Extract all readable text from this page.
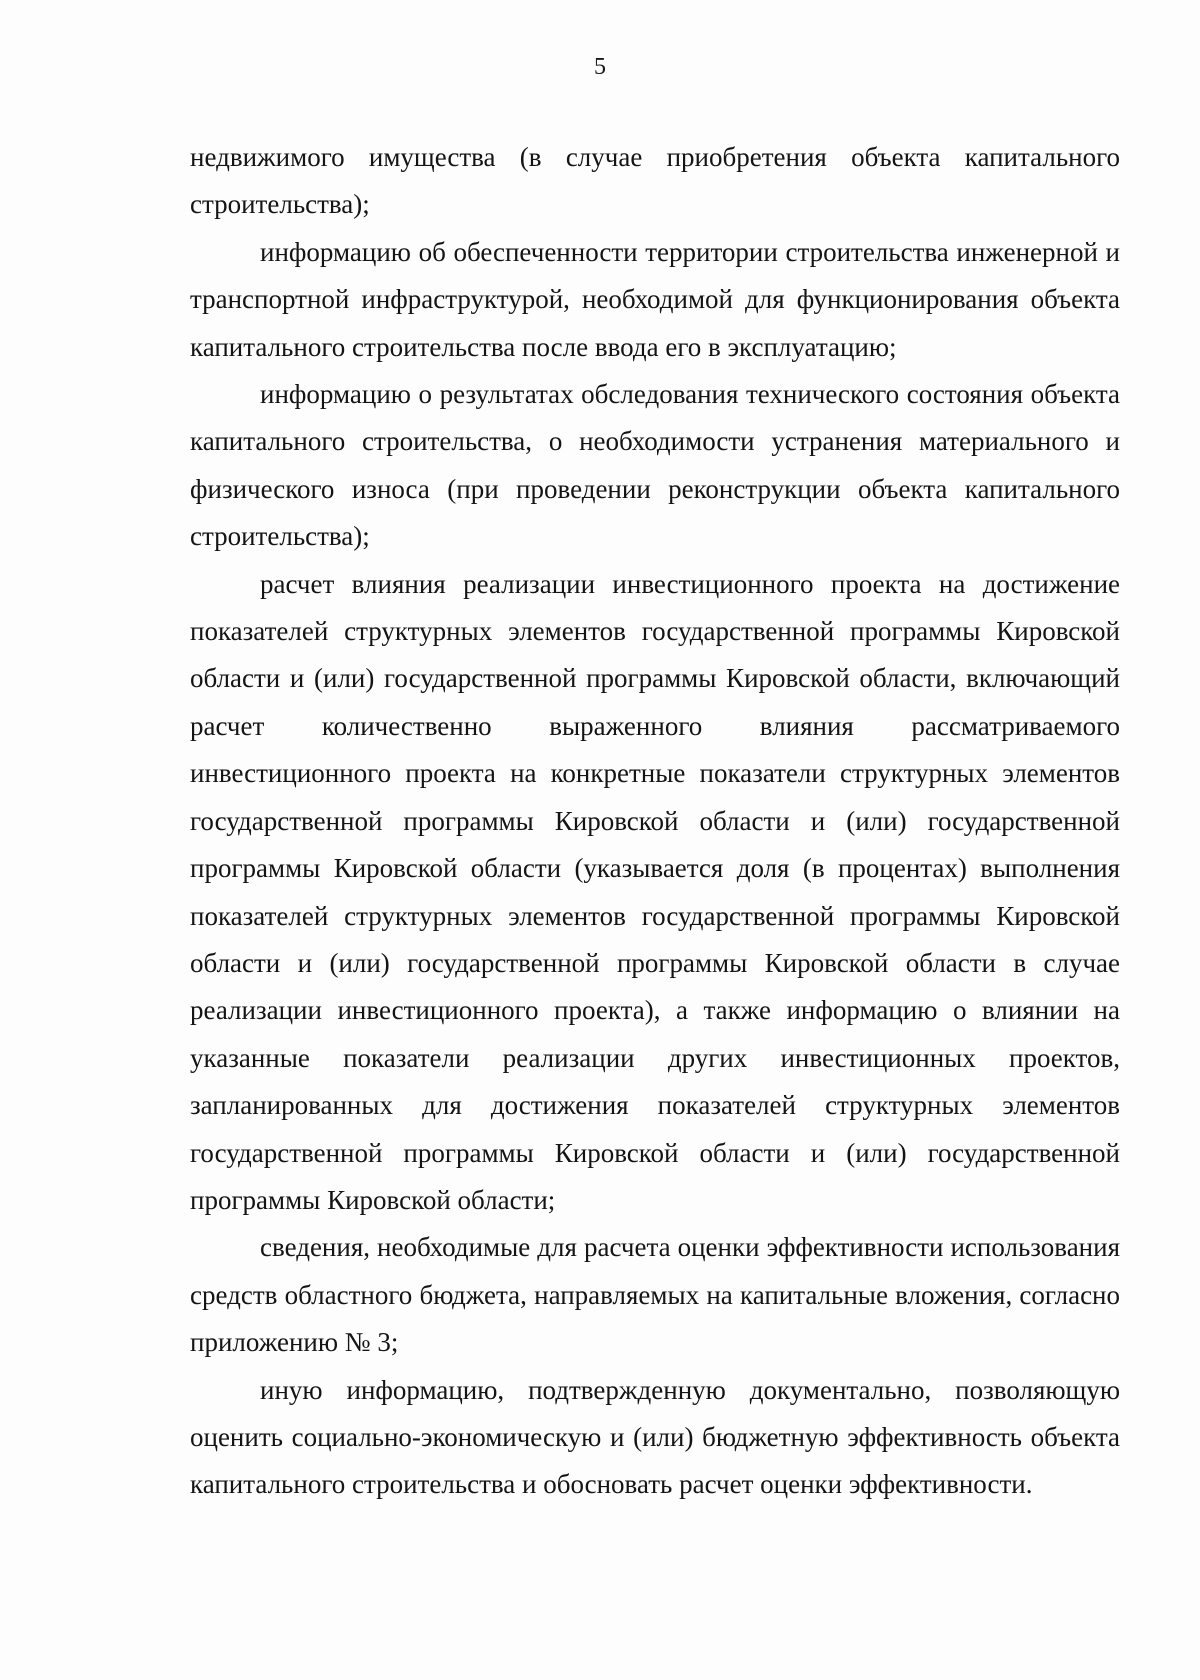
5

недвижимого имущества (в случае приобретения объекта капитального строительства);

информацию об обеспеченности территории строительства инженерной и транспортной инфраструктурой, необходимой для функционирования объекта капитального строительства после ввода его в эксплуатацию;

информацию о результатах обследования технического состояния объекта капитального строительства, о необходимости устранения материального и физического износа (при проведении реконструкции объекта капитального строительства);

расчет влияния реализации инвестиционного проекта на достижение показателей структурных элементов государственной программы Кировской области и (или) государственной программы Кировской области, включающий расчет количественно выраженного влияния рассматриваемого инвестиционного проекта на конкретные показатели структурных элементов государственной программы Кировской области и (или) государственной программы Кировской области (указывается доля (в процентах) выполнения показателей структурных элементов государственной программы Кировской области и (или) государственной программы Кировской области в случае реализации инвестиционного проекта), а также информацию о влиянии на указанные показатели реализации других инвестиционных проектов, запланированных для достижения показателей структурных элементов государственной программы Кировской области и (или) государственной программы Кировской области;

сведения, необходимые для расчета оценки эффективности использования средств областного бюджета, направляемых на капитальные вложения, согласно приложению № 3;

иную информацию, подтвержденную документально, позволяющую оценить социально-экономическую и (или) бюджетную эффективность объекта капитального строительства и обосновать расчет оценки эффективности.
